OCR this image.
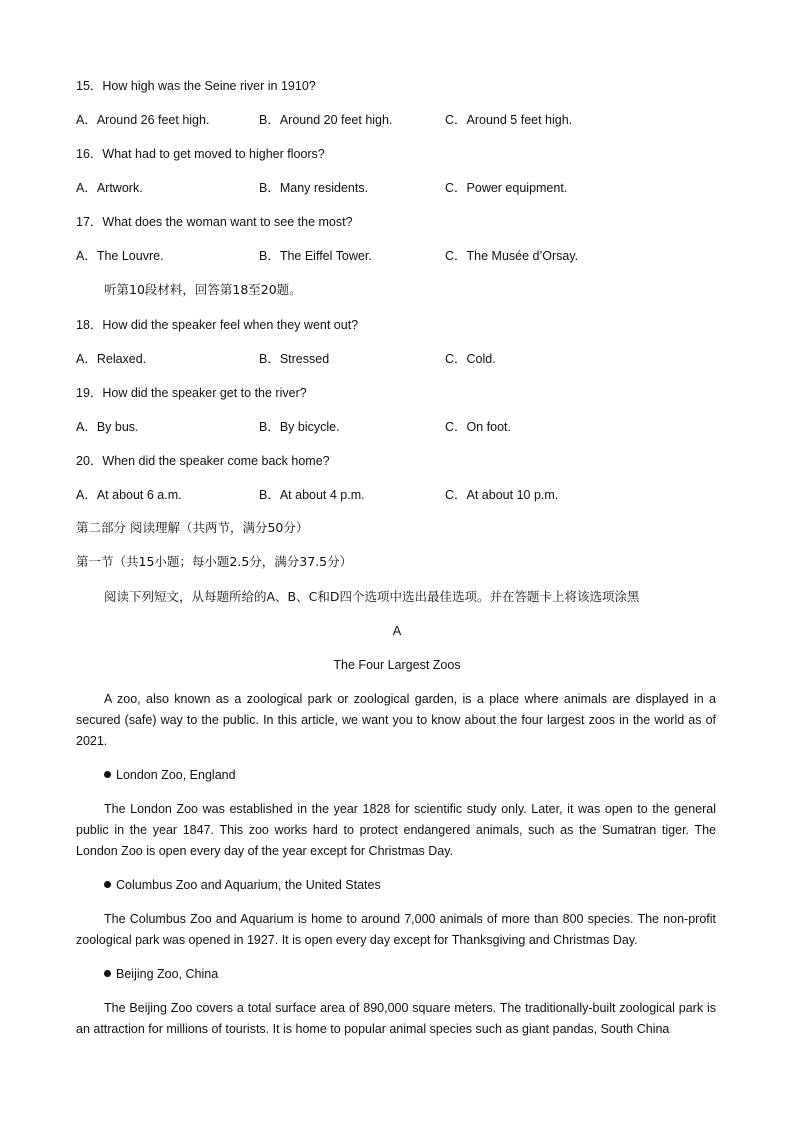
15．How high was the Seine river in 1910?
A．Around 26 feet high.	B．Around 20 feet high.	C．Around 5 feet high.
16．What had to get moved to higher floors?
A．Artwork.	B．Many residents.	C．Power equipment.
17．What does the woman want to see the most?
A．The Louvre.	B．The Eiffel Tower.	C．The Musée d’Orsay.
听第10段材料，回答第18至20题。
18．How did the speaker feel when they went out?
A．Relaxed.	B．Stressed	C．Cold.
19．How did the speaker get to the river?
A．By bus.	B．By bicycle.	C．On foot.
20．When did the speaker come back home?
A．At about 6 a.m.	B．At about 4 p.m.	C．At about 10 p.m.
第二部分 阅读理解（共两节，满分50分）
第一节（共15小题；每小题2.5分，满分37.5分）
阅读下列短文，从每题所给的A、B、C和D四个选项中选出最佳选项。并在答题卡上将该选项涂黑
A
The Four Largest Zoos
A zoo, also known as a zoological park or zoological garden, is a place where animals are displayed in a secured (safe) way to the public. In this article, we want you to know about the four largest zoos in the world as of 2021.
London Zoo, England
The London Zoo was established in the year 1828 for scientific study only. Later, it was open to the general public in the year 1847. This zoo works hard to protect endangered animals, such as the Sumatran tiger. The London Zoo is open every day of the year except for Christmas Day.
Columbus Zoo and Aquarium, the United States
The Columbus Zoo and Aquarium is home to around 7,000 animals of more than 800 species. The non-profit zoological park was opened in 1927. It is open every day except for Thanksgiving and Christmas Day.
Beijing Zoo, China
The Beijing Zoo covers a total surface area of 890,000 square meters. The traditionally-built zoological park is an attraction for millions of tourists. It is home to popular animal species such as giant pandas, South China
